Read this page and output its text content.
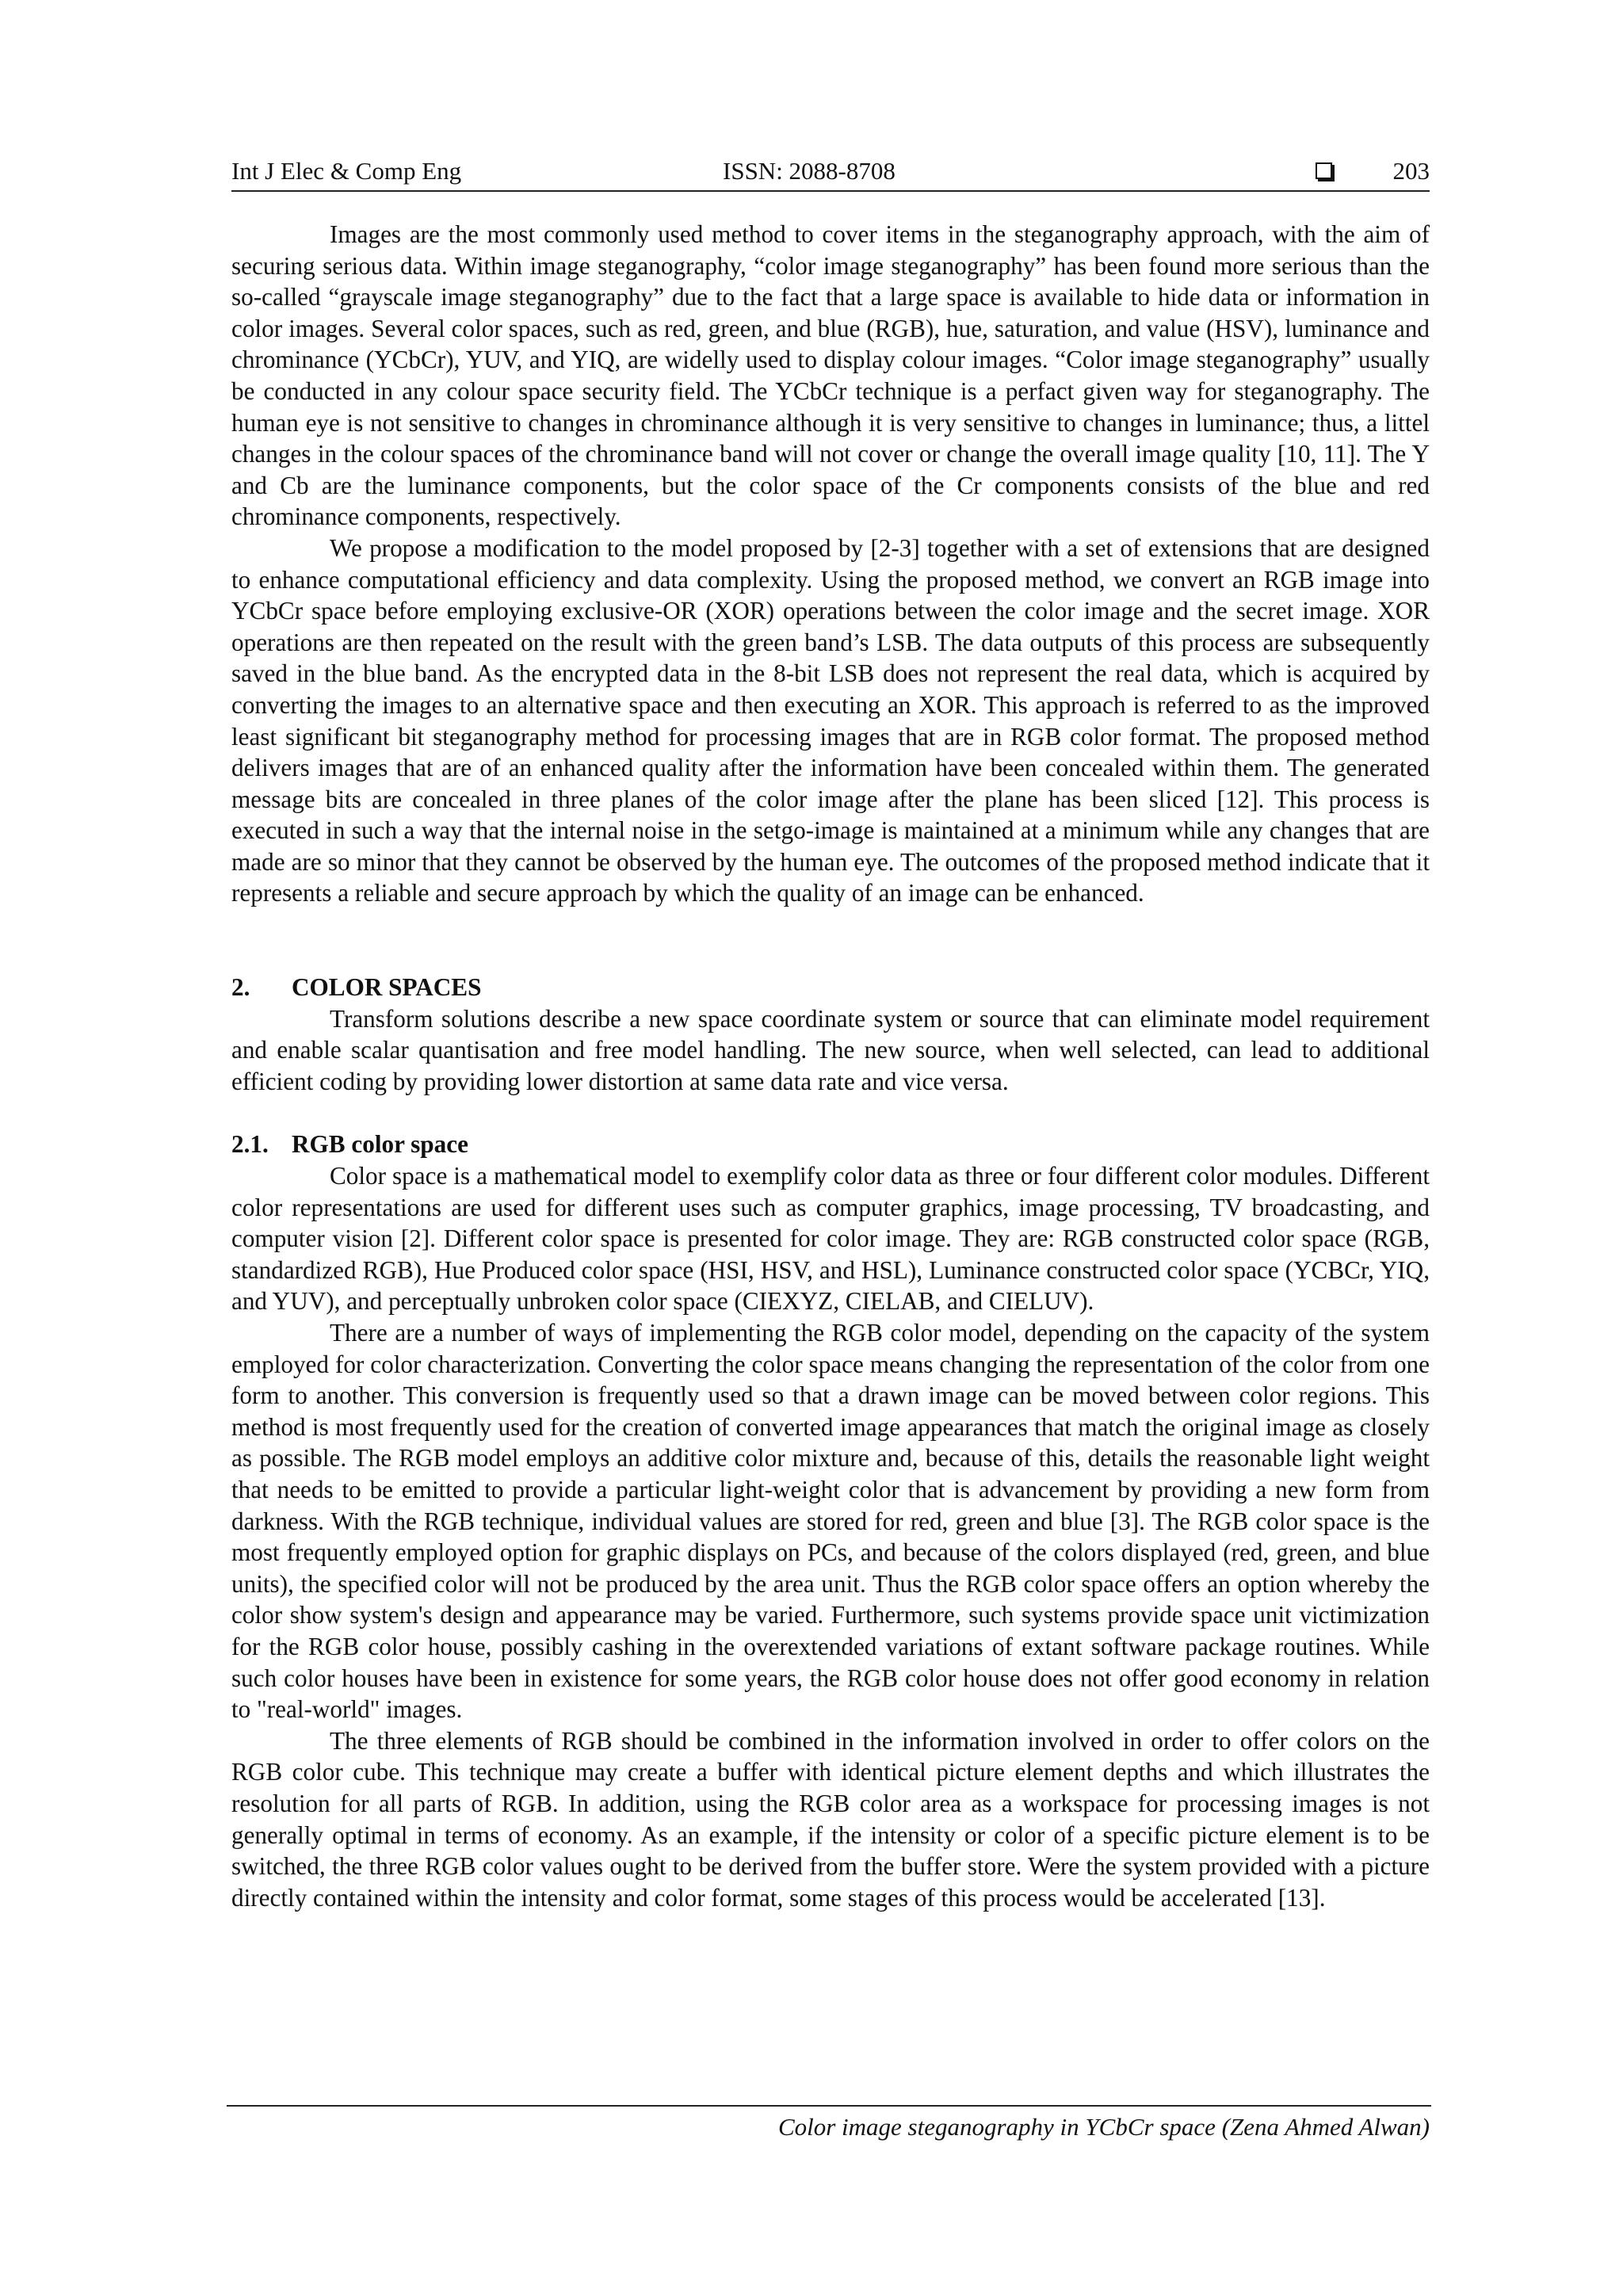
Int J Elec & Comp Eng	ISSN: 2088-8708	203

Images are the most commonly used method to cover items in the steganography approach, with the aim of securing serious data. Within image steganography, “color image steganography” has been found more serious than the so-called “grayscale image steganography” due to the fact that a large space is available to hide data or information in color images. Several color spaces, such as red, green, and blue (RGB), hue, saturation, and value (HSV), luminance and chrominance (YCbCr), YUV, and YIQ, are widelly used to display colour images. “Color image steganography” usually be conducted in any colour space security field. The YCbCr technique is a perfact given way for steganography. The human eye is not sensitive to changes in chrominance although it is very sensitive to changes in luminance; thus, a littel changes in the colour spaces of the chrominance band will not cover or change the overall image quality [10, 11]. The Y and Cb are the luminance components, but the color space of the Cr components consists of the blue and red chrominance components, respectively.

We propose a modification to the model proposed by [2-3] together with a set of extensions that are designed to enhance computational efficiency and data complexity. Using the proposed method, we convert an RGB image into YCbCr space before employing exclusive-OR (XOR) operations between the color image and the secret image. XOR operations are then repeated on the result with the green band’s LSB. The data outputs of this process are subsequently saved in the blue band. As the encrypted data in the 8-bit LSB does not represent the real data, which is acquired by converting the images to an alternative space and then executing an XOR. This approach is referred to as the improved least significant bit steganography method for processing images that are in RGB color format. The proposed method delivers images that are of an enhanced quality after the information have been concealed within them. The generated message bits are concealed in three planes of the color image after the plane has been sliced [12]. This process is executed in such a way that the internal noise in the setgo-image is maintained at a minimum while any changes that are made are so minor that they cannot be observed by the human eye. The outcomes of the proposed method indicate that it represents a reliable and secure approach by which the quality of an image can be enhanced.

2.	COLOR SPACES

Transform solutions describe a new space coordinate system or source that can eliminate model requirement and enable scalar quantisation and free model handling. The new source, when well selected, can lead to additional efficient coding by providing lower distortion at same data rate and vice versa.

2.1. RGB color space

Color space is a mathematical model to exemplify color data as three or four different color modules. Different color representations are used for different uses such as computer graphics, image processing, TV broadcasting, and computer vision [2]. Different color space is presented for color image. They are: RGB constructed color space (RGB, standardized RGB), Hue Produced color space (HSI, HSV, and HSL), Luminance constructed color space (YCBCr, YIQ, and YUV), and perceptually unbroken color space (CIEXYZ, CIELAB, and CIELUV).

There are a number of ways of implementing the RGB color model, depending on the capacity of the system employed for color characterization. Converting the color space means changing the representation of the color from one form to another. This conversion is frequently used so that a drawn image can be moved between color regions. This method is most frequently used for the creation of converted image appearances that match the original image as closely as possible. The RGB model employs an additive color mixture and, because of this, details the reasonable light weight that needs to be emitted to provide a particular light-weight color that is advancement by providing a new form from darkness. With the RGB technique, individual values are stored for red, green and blue [3]. The RGB color space is the most frequently employed option for graphic displays on PCs, and because of the colors displayed (red, green, and blue units), the specified color will not be produced by the area unit. Thus the RGB color space offers an option whereby the color show system's design and appearance may be varied. Furthermore, such systems provide space unit victimization for the RGB color house, possibly cashing in the overextended variations of extant software package routines. While such color houses have been in existence for some years, the RGB color house does not offer good economy in relation to "real-world" images.

The three elements of RGB should be combined in the information involved in order to offer colors on the RGB color cube. This technique may create a buffer with identical picture element depths and which illustrates the resolution for all parts of RGB. In addition, using the RGB color area as a workspace for processing images is not generally optimal in terms of economy. As an example, if the intensity or color of a specific picture element is to be switched, the three RGB color values ought to be derived from the buffer store. Were the system provided with a picture directly contained within the intensity and color format, some stages of this process would be accelerated [13].

Color image steganography in YCbCr space (Zena Ahmed Alwan)
